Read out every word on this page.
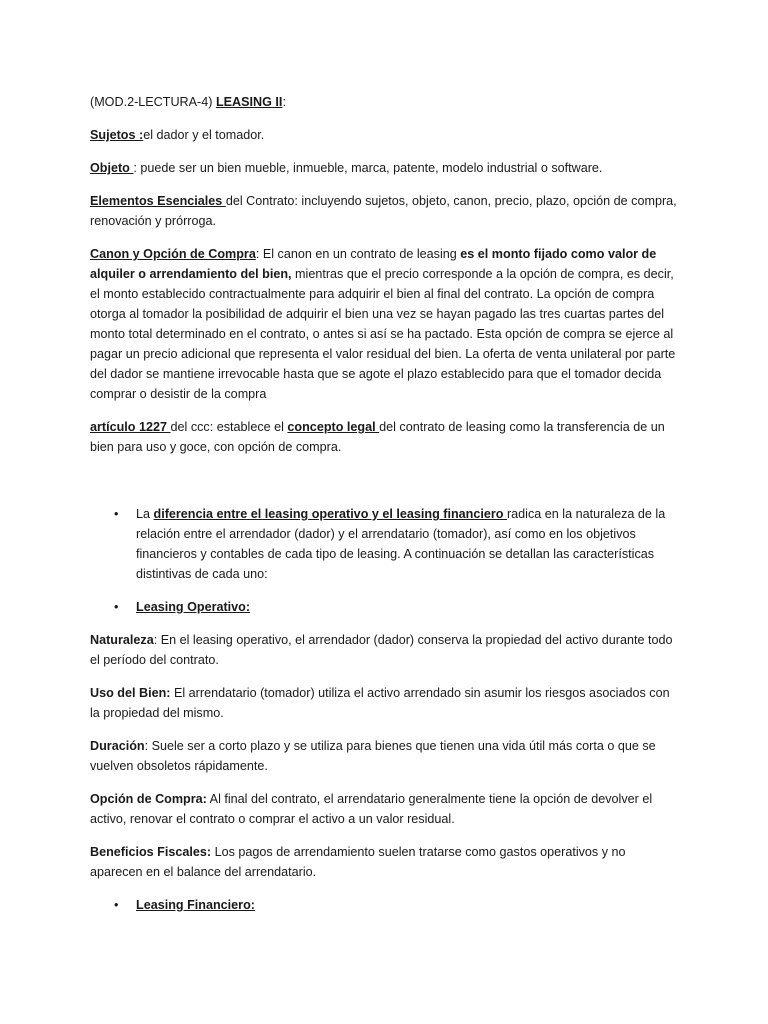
(MOD.2-LECTURA-4) LEASING II:

Sujetos :el dador y el tomador.

Objeto : puede ser un bien mueble, inmueble, marca, patente, modelo industrial o software.

Elementos Esenciales del Contrato: incluyendo sujetos, objeto, canon, precio, plazo, opción de compra, renovación y prórroga.

Canon y Opción de Compra: El canon en un contrato de leasing es el monto fijado como valor de alquiler o arrendamiento del bien, mientras que el precio corresponde a la opción de compra, es decir, el monto establecido contractualmente para adquirir el bien al final del contrato. La opción de compra otorga al tomador la posibilidad de adquirir el bien una vez se hayan pagado las tres cuartas partes del monto total determinado en el contrato, o antes si así se ha pactado. Esta opción de compra se ejerce al pagar un precio adicional que representa el valor residual del bien. La oferta de venta unilateral por parte del dador se mantiene irrevocable hasta que se agote el plazo establecido para que el tomador decida comprar o desistir de la compra

artículo 1227 del ccc: establece el concepto legal del contrato de leasing como la transferencia de un bien para uso y goce, con opción de compra.

• La diferencia entre el leasing operativo y el leasing financiero radica en la naturaleza de la relación entre el arrendador (dador) y el arrendatario (tomador), así como en los objetivos financieros y contables de cada tipo de leasing. A continuación se detallan las características distintivas de cada uno:
• Leasing Operativo:

Naturaleza: En el leasing operativo, el arrendador (dador) conserva la propiedad del activo durante todo el período del contrato.

Uso del Bien: El arrendatario (tomador) utiliza el activo arrendado sin asumir los riesgos asociados con la propiedad del mismo.

Duración: Suele ser a corto plazo y se utiliza para bienes que tienen una vida útil más corta o que se vuelven obsoletos rápidamente.

Opción de Compra: Al final del contrato, el arrendatario generalmente tiene la opción de devolver el activo, renovar el contrato o comprar el activo a un valor residual.

Beneficios Fiscales: Los pagos de arrendamiento suelen tratarse como gastos operativos y no aparecen en el balance del arrendatario.

• Leasing Financiero:
